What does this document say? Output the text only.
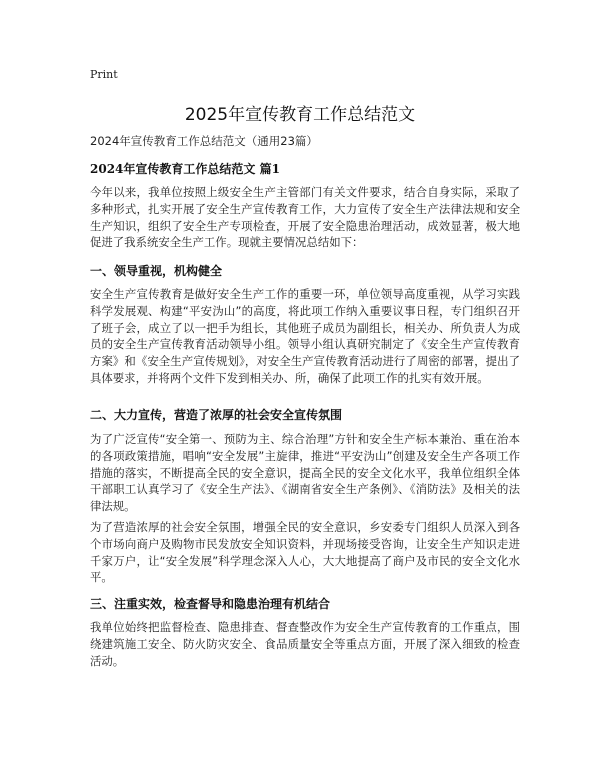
Print
2025年宣传教育工作总结范文
2024年宣传教育工作总结范文（通用23篇）
2024年宣传教育工作总结范文 篇1

今年以来，我单位按照上级安全生产主管部门有关文件要求，结合自身实际，采取了多种形式，扎实开展了安全生产宣传教育工作，大力宣传了安全生产法律法规和安全生产知识，组织了安全生产专项检查，开展了安全隐患治理活动，成效显著，极大地促进了我系统安全生产工作。现就主要情况总结如下：

一、领导重视，机构健全

安全生产宣传教育是做好安全生产工作的重要一环，单位领导高度重视，从学习实践科学发展观、构建“平安沩山”的高度，将此项工作纳入重要议事日程，专门组织召开了班子会，成立了以一把手为组长，其他班子成员为副组长，相关办、所负责人为成员的安全生产宣传教育活动领导小组。领导小组认真研究制定了《安全生产宣传教育方案》和《安全生产宣传规划》，对安全生产宣传教育活动进行了周密的部署，提出了具体要求，并将两个文件下发到相关办、所，确保了此项工作的扎实有效开展。

二、大力宣传，营造了浓厚的社会安全宣传氛围

为了广泛宣传“安全第一、预防为主、综合治理”方针和安全生产标本兼治、重在治本的各项政策措施，唱响“安全发展”主旋律，推进“平安沩山”创建及安全生产各项工作措施的落实，不断提高全民的安全意识，提高全民的安全文化水平，我单位组织全体干部职工认真学习了《安全生产法》、《湖南省安全生产条例》、《消防法》及相关的法律法规。

为了营造浓厚的社会安全氛围，增强全民的安全意识，乡安委专门组织人员深入到各个市场向商户及购物市民发放安全知识资料，并现场接受咨询，让安全生产知识走进千家万户，让“安全发展”科学理念深入人心，大大地提高了商户及市民的安全文化水平。

三、注重实效，检查督导和隐患治理有机结合

我单位始终把监督检查、隐患排查、督查整改作为安全生产宣传教育的工作重点，围绕建筑施工安全、防火防灾安全、食品质量安全等重点方面，开展了深入细致的检查活动。
